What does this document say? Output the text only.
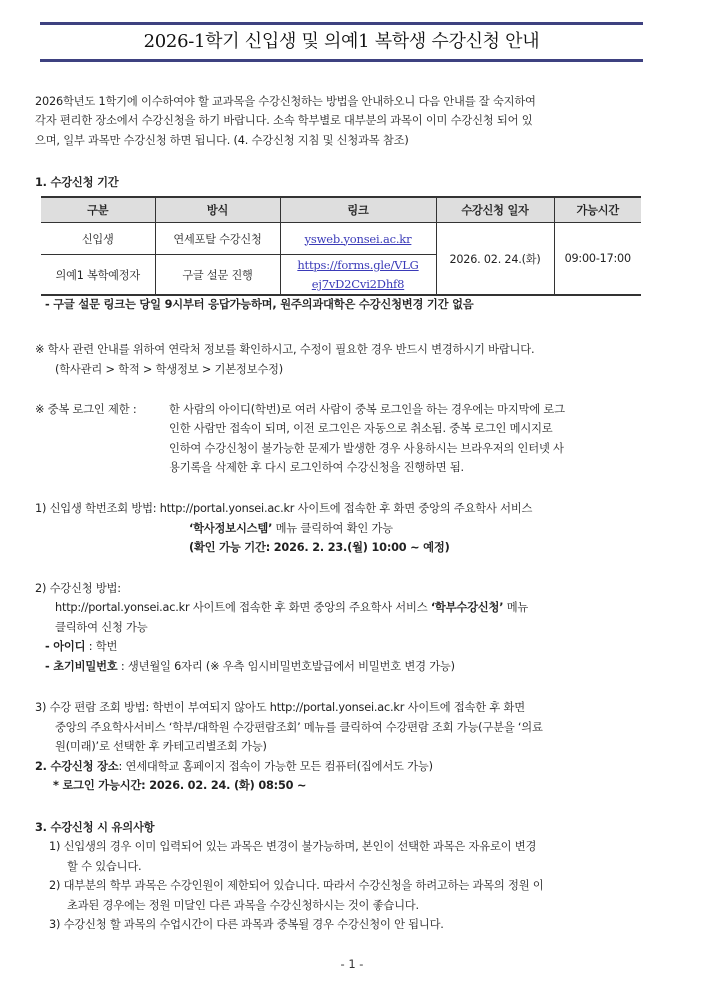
2026-1학기 신입생 및 의예1 복학생 수강신청 안내
2026학년도 1학기에 이수하여야 할 교과목을 수강신청하는 방법을 안내하오니 다음 안내를 잘 숙지하여
각자 편리한 장소에서 수강신청을 하기 바랍니다. 소속 학부별로 대부분의 과목이 이미 수강신청 되어 있
으며, 일부 과목만 수강신청 하면 됩니다. (4. 수강신청 지침 및 신청과목 참조)
1. 수강신청 기간
구분	방식	링크	수강신청 일자	가능시간
신입생	연세포탈 수강신청	ysweb.yonsei.ac.kr	2026. 02. 24.(화)	09:00-17:00
의예1 복학예정자	구글 설문 진행	https://forms.gle/VLG
ej7vD2Cvi2Dhf8		
- 구글 설문 링크는 당일 9시부터 응답가능하며, 원주의과대학은 수강신청변경 기간 없음
※ 학사 관련 안내를 위하여 연락처 정보를 확인하시고, 수정이 필요한 경우 반드시 변경하시기 바랍니다.
(학사관리 > 학적 > 학생정보 > 기본정보수정)
※ 중복 로그인 제한 :	한 사람의 아이디(학번)로 여러 사람이 중복 로그인을 하는 경우에는 마지막에 로그
인한 사람만 접속이 되며, 이전 로그인은 자동으로 취소됨. 중복 로그인 메시지로
인하여 수강신청이 불가능한 문제가 발생한 경우 사용하시는 브라우저의 인터넷 사
용기록을 삭제한 후 다시 로그인하여 수강신청을 진행하면 됨.
1) 신입생 학번조회 방법: http://portal.yonsei.ac.kr 사이트에 접속한 후 화면 중앙의 주요학사 서비스
‘학사정보시스템’ 메뉴 클릭하여 확인 가능
(확인 가능 기간: 2026. 2. 23.(월) 10:00 ~ 예정)
2) 수강신청 방법:
http://portal.yonsei.ac.kr 사이트에 접속한 후 화면 중앙의 주요학사 서비스 ‘학부수강신청’ 메뉴
클릭하여 신청 가능
- 아이디 : 학번
- 초기비밀번호 : 생년월일 6자리 (※ 우측 임시비밀번호발급에서 비밀번호 변경 가능)
3) 수강 편람 조회 방법: 학번이 부여되지 않아도 http://portal.yonsei.ac.kr 사이트에 접속한 후 화면
중앙의 주요학사서비스 ‘학부/대학원 수강편람조회’ 메뉴를 클릭하여 수강편람 조회 가능(구분을 ‘의료
원(미래)’로 선택한 후 카테고리별조회 가능)
2. 수강신청 장소: 연세대학교 홈페이지 접속이 가능한 모든 컴퓨터(집에서도 가능)
* 로그인 가능시간: 2026. 02. 24. (화) 08:50 ~
3. 수강신청 시 유의사항
1) 신입생의 경우 이미 입력되어 있는 과목은 변경이 불가능하며, 본인이 선택한 과목은 자유로이 변경
할 수 있습니다.
2) 대부분의 학부 과목은 수강인원이 제한되어 있습니다. 따라서 수강신청을 하려고하는 과목의 정원 이
초과된 경우에는 정원 미달인 다른 과목을 수강신청하시는 것이 좋습니다.
3) 수강신청 할 과목의 수업시간이 다른 과목과 중복될 경우 수강신청이 안 됩니다.
- 1 -
